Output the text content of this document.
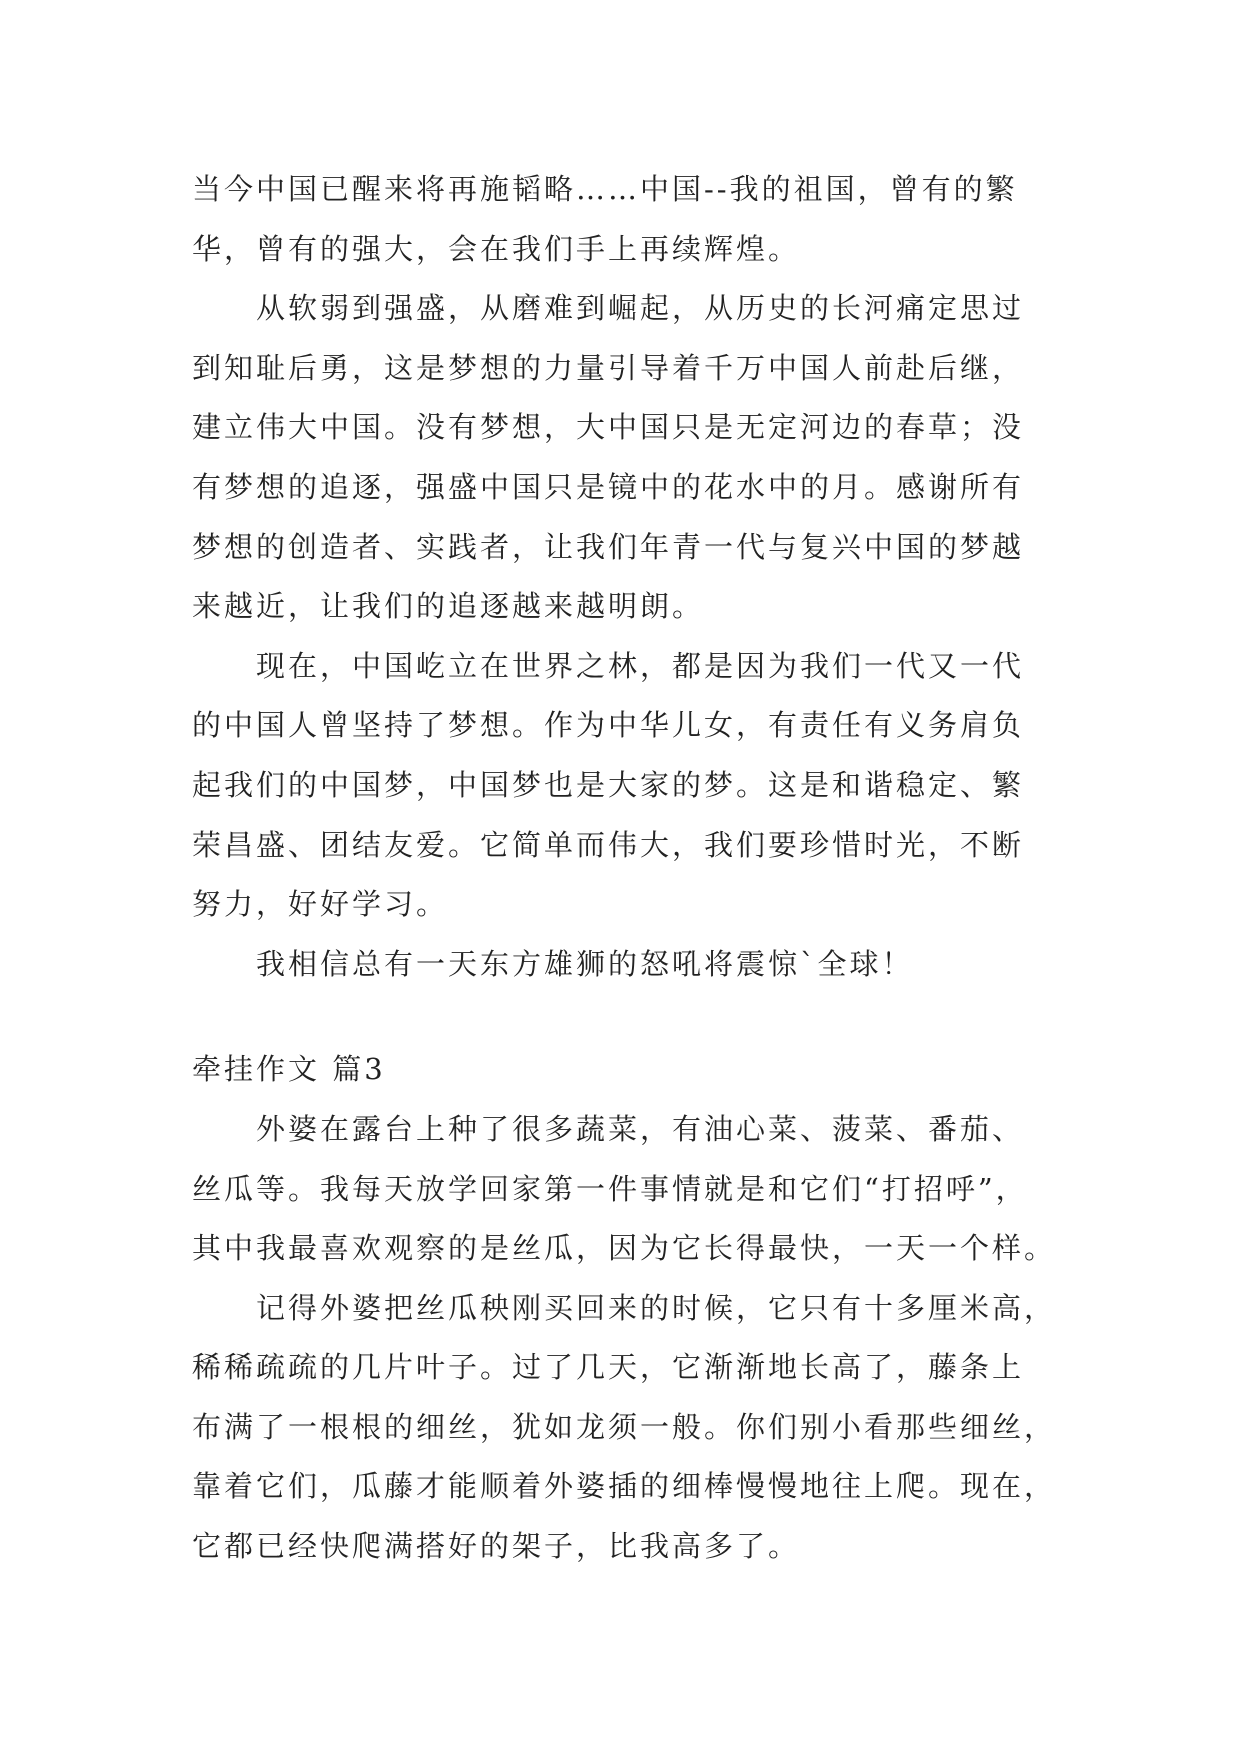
当今中国已醒来将再施韬略……中国--我的祖国，曾有的繁
华，曾有的强大，会在我们手上再续辉煌。
从软弱到强盛，从磨难到崛起，从历史的长河痛定思过
到知耻后勇，这是梦想的力量引导着千万中国人前赴后继，
建立伟大中国。没有梦想，大中国只是无定河边的春草；没
有梦想的追逐，强盛中国只是镜中的花水中的月。感谢所有
梦想的创造者、实践者，让我们年青一代与复兴中国的梦越
来越近，让我们的追逐越来越明朗。
现在，中国屹立在世界之林，都是因为我们一代又一代
的中国人曾坚持了梦想。作为中华儿女，有责任有义务肩负
起我们的中国梦，中国梦也是大家的梦。这是和谐稳定、繁
荣昌盛、团结友爱。它简单而伟大，我们要珍惜时光，不断
努力，好好学习。
我相信总有一天东方雄狮的怒吼将震惊`全球！
牵挂作文 篇3
外婆在露台上种了很多蔬菜，有油心菜、菠菜、番茄、
丝瓜等。我每天放学回家第一件事情就是和它们“打招呼”，
其中我最喜欢观察的是丝瓜，因为它长得最快，一天一个样。
记得外婆把丝瓜秧刚买回来的时候，它只有十多厘米高，
稀稀疏疏的几片叶子。过了几天，它渐渐地长高了，藤条上
布满了一根根的细丝，犹如龙须一般。你们别小看那些细丝，
靠着它们，瓜藤才能顺着外婆插的细棒慢慢地往上爬。现在，
它都已经快爬满搭好的架子，比我高多了。
